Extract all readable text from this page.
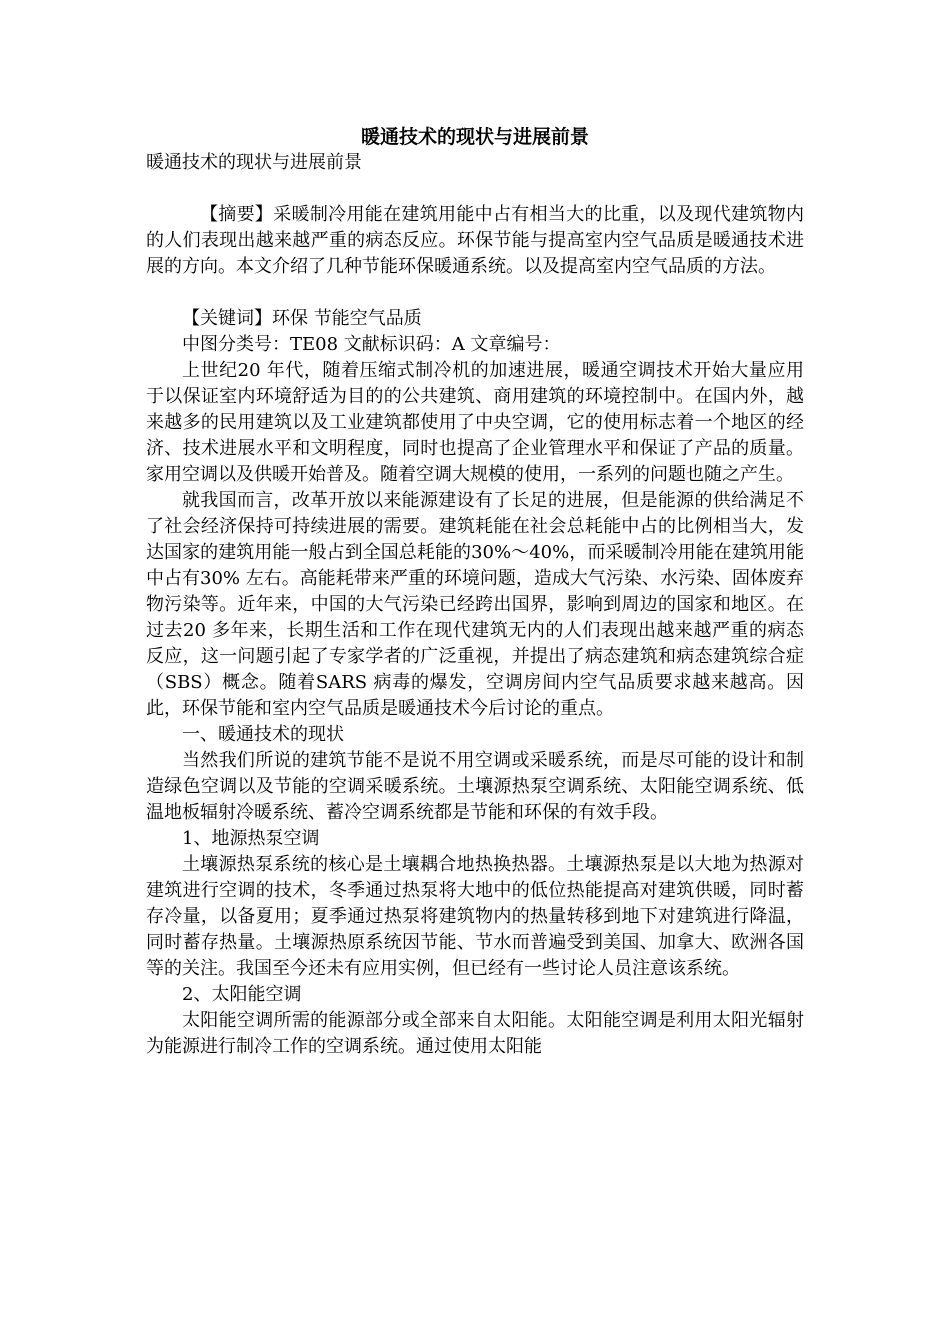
暖通技术的现状与进展前景

暖通技术的现状与进展前景

【摘要】采暖制冷用能在建筑用能中占有相当大的比重，以及现代建筑物内的人们表现出越来越严重的病态反应。环保节能与提高室内空气品质是暖通技术进展的方向。本文介绍了几种节能环保暖通系统。以及提高室内空气品质的方法。

【关键词】环保 节能空气品质

中图分类号：TE08 文献标识码：A 文章编号：

上世纪20 年代，随着压缩式制冷机的加速进展，暖通空调技术开始大量应用于以保证室内环境舒适为目的的公共建筑、商用建筑的环境控制中。在国内外，越来越多的民用建筑以及工业建筑都使用了中央空调，它的使用标志着一个地区的经济、技术进展水平和文明程度，同时也提高了企业管理水平和保证了产品的质量。家用空调以及供暖开始普及。随着空调大规模的使用，一系列的问题也随之产生。

就我国而言，改革开放以来能源建设有了长足的进展，但是能源的供给满足不了社会经济保持可持续进展的需要。建筑耗能在社会总耗能中占的比例相当大，发达国家的建筑用能一般占到全国总耗能的30%～40%，而采暖制冷用能在建筑用能中占有30% 左右。高能耗带来严重的环境问题，造成大气污染、水污染、固体废弃物污染等。近年来，中国的大气污染已经跨出国界，影响到周边的国家和地区。在过去20 多年来，长期生活和工作在现代建筑无内的人们表现出越来越严重的病态反应，这一问题引起了专家学者的广泛重视，并提出了病态建筑和病态建筑综合症（SBS）概念。随着SARS 病毒的爆发，空调房间内空气品质要求越来越高。因此，环保节能和室内空气品质是暖通技术今后讨论的重点。

一、暖通技术的现状

当然我们所说的建筑节能不是说不用空调或采暖系统，而是尽可能的设计和制造绿色空调以及节能的空调采暖系统。土壤源热泵空调系统、太阳能空调系统、低温地板辐射冷暖系统、蓄冷空调系统都是节能和环保的有效手段。

1、地源热泵空调

土壤源热泵系统的核心是土壤耦合地热换热器。土壤源热泵是以大地为热源对建筑进行空调的技术，冬季通过热泵将大地中的低位热能提高对建筑供暖，同时蓄存冷量，以备夏用；夏季通过热泵将建筑物内的热量转移到地下对建筑进行降温，同时蓄存热量。土壤源热原系统因节能、节水而普遍受到美国、加拿大、欧洲各国等的关注。我国至今还未有应用实例，但已经有一些讨论人员注意该系统。

2、太阳能空调

太阳能空调所需的能源部分或全部来自太阳能。太阳能空调是利用太阳光辐射为能源进行制冷工作的空调系统。通过使用太阳能
